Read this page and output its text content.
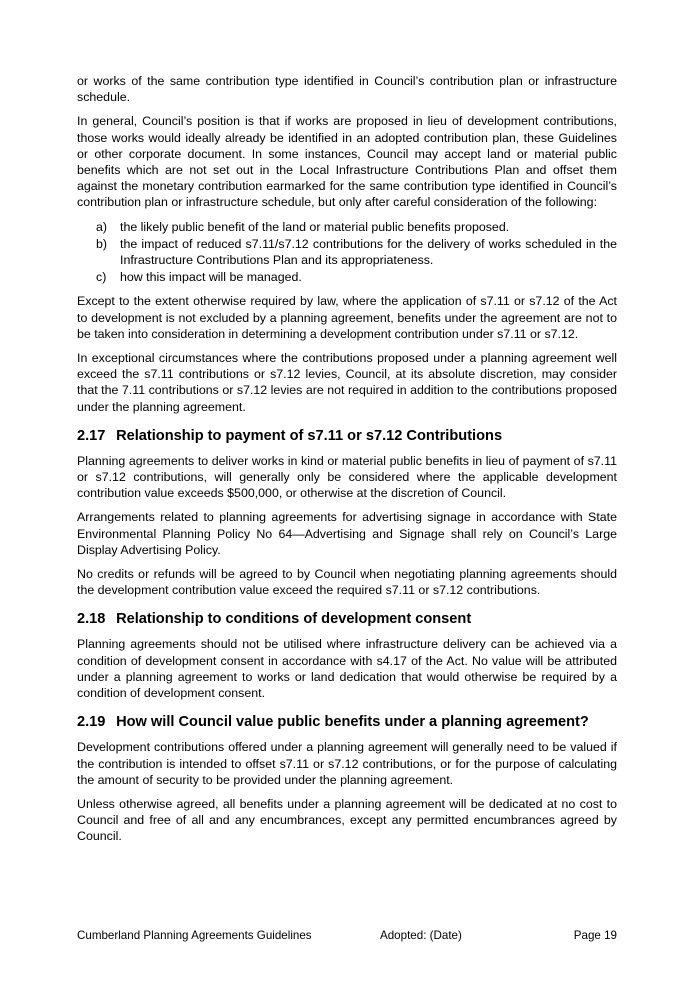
or works of the same contribution type identified in Council’s contribution plan or infrastructure schedule.

In general, Council’s position is that if works are proposed in lieu of development contributions, those works would ideally already be identified in an adopted contribution plan, these Guidelines or other corporate document. In some instances, Council may accept land or material public benefits which are not set out in the Local Infrastructure Contributions Plan and offset them against the monetary contribution earmarked for the same contribution type identified in Council’s contribution plan or infrastructure schedule, but only after careful consideration of the following:

a) the likely public benefit of the land or material public benefits proposed.
b) the impact of reduced s7.11/s7.12 contributions for the delivery of works scheduled in the Infrastructure Contributions Plan and its appropriateness.
c) how this impact will be managed.

Except to the extent otherwise required by law, where the application of s7.11 or s7.12 of the Act to development is not excluded by a planning agreement, benefits under the agreement are not to be taken into consideration in determining a development contribution under s7.11 or s7.12.

In exceptional circumstances where the contributions proposed under a planning agreement well exceed the s7.11 contributions or s7.12 levies, Council, at its absolute discretion, may consider that the 7.11 contributions or s7.12 levies are not required in addition to the contributions proposed under the planning agreement.

2.17 Relationship to payment of s7.11 or s7.12 Contributions

Planning agreements to deliver works in kind or material public benefits in lieu of payment of s7.11 or s7.12 contributions, will generally only be considered where the applicable development contribution value exceeds $500,000, or otherwise at the discretion of Council.

Arrangements related to planning agreements for advertising signage in accordance with State Environmental Planning Policy No 64—Advertising and Signage shall rely on Council’s Large Display Advertising Policy.

No credits or refunds will be agreed to by Council when negotiating planning agreements should the development contribution value exceed the required s7.11 or s7.12 contributions.

2.18 Relationship to conditions of development consent

Planning agreements should not be utilised where infrastructure delivery can be achieved via a condition of development consent in accordance with s4.17 of the Act. No value will be attributed under a planning agreement to works or land dedication that would otherwise be required by a condition of development consent.

2.19 How will Council value public benefits under a planning agreement?

Development contributions offered under a planning agreement will generally need to be valued if the contribution is intended to offset s7.11 or s7.12 contributions, or for the purpose of calculating the amount of security to be provided under the planning agreement.

Unless otherwise agreed, all benefits under a planning agreement will be dedicated at no cost to Council and free of all and any encumbrances, except any permitted encumbrances agreed by Council.

Cumberland Planning Agreements Guidelines	Adopted: (Date)	Page 19
